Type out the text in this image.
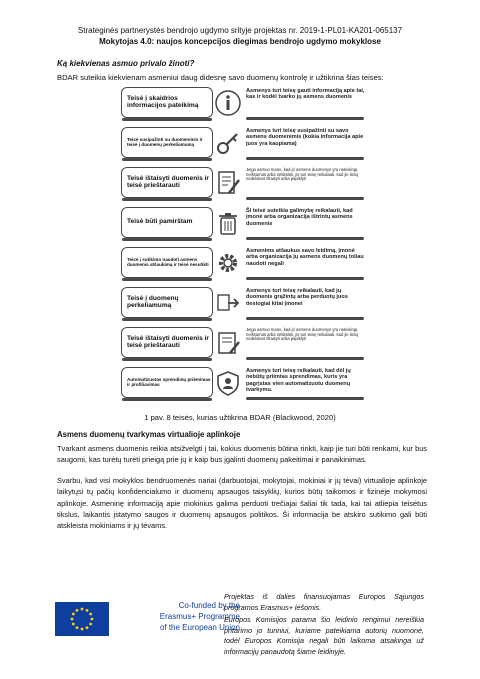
Strateginės partnerystės bendrojo ugdymo srityje projektas nr. 2019-1-PL01-KA201-065137
Mokytojas 4.0: naujos koncepcijos diegimas bendrojo ugdymo mokyklose
Ką kiekvienas asmuo privalo žinoti?
BDAR suteikia kiekvienam asmeniui daug didesnę savo duomenų kontrolę ir užtikrina šias teises:
Teisė į skaidrios informacijos pateikimą
Asmenys turi teisę gauti informaciją apie tai, kas ir kodėl tvarko jų asmens duomenis
Teisė susipažinti su duomenimis ir teisė į duomenų perkeliamumą
Asmenys turi teisę susipažinti su savo asmens duomenimis (kokia informacija apie juos yra kaupiama)
Teisė ištaisyti duomenis ir teisė prieštarauti
Jeigu asmuo mano, kad jo asmens duomenys yra neteisingi, neišsamūs arba netikslūs, jis turi teisę reikalauti, kad jie būtų nedelsiant ištaisyti arba papildyti
Teisė būti pamirštam
Ši teisė suteikia galimybę reikalauti, kad įmonė arba organizacija ištrintų asmens duomenis
Teisė į sutikimo naudoti asmens duomenis atšaukimą ir teisė nesutikti
Asmenims atšaukus savo leidimą, įmonė arba organizacija jų asmens duomenų toliau naudoti negali
Teisė į duomenų perkeliamumą
Asmenys turi teisę reikalauti, kad jų duomenis grąžintų arba perduotų juos tiesiogiai kitai įmonei
Teisė ištaisyti duomenis ir teisė prieštarauti
Jeigu asmuo mano, kad jo asmens duomenys yra neteisingi, neišsamūs arba netikslūs, jis turi teisę reikalauti, kad jie būtų nedelsiant ištaisyti arba papildyti
Automatizuotas sprendimų priėmimas ir profiliavimas
Asmenys turi teisę reikalauti, kad dėl jų nebūtų priimtas sprendimas, kuris yra pagrįstas vien automatizuotu duomenų tvarkymu.
1 pav. 8 teisės, kurias užtikrina BDAR (Blackwood, 2020)
Asmens duomenų tvarkymas virtualioje aplinkoje
Tvarkant asmens duomenis reikia atsižvelgti į tai, kokius duomenis būtina rinkti, kaip jie turi būti renkami, kur bus saugomi, kas turėtų turėti prieigą prie jų ir kaip bus įgalinti duomenų pakeitimai ir panaikinimas.
Svarbu, kad visi mokyklos bendruomenės nariai (darbuotojai, mokytojai, mokiniai ir jų tėvai) virtualioje aplinkoje laikytųsi tų pačių konfidencialumo ir duomenų apsaugos taisyklių, kurios būtų taikomos ir fizinėje mokymosi aplinkoje. Asmeninę informaciją apie mokinius galima perduoti trečiajai šaliai tik tada, kai tai atliepia teisėtus tikslus, laikantis įstatymo saugos ir duomenų apsaugos politikos. Ši informacija be atskiro sutikimo gali būti atskleista mokiniams ir jų tėvams.
Co-funded by the
Erasmus+ Programme
of the European Union

Projektas iš dalies finansuojamas Europos Sąjungos programos Erasmus+ lėšomis.

Europos Komisijos parama šio leidinio rengimui nereiškia pritarimo jo turiniui, kuriame pateikiama autorių nuomonė, todėl Europos Komisija negali būti laikoma atsakinga už informacijų panaudotą šiame leidinyje.
